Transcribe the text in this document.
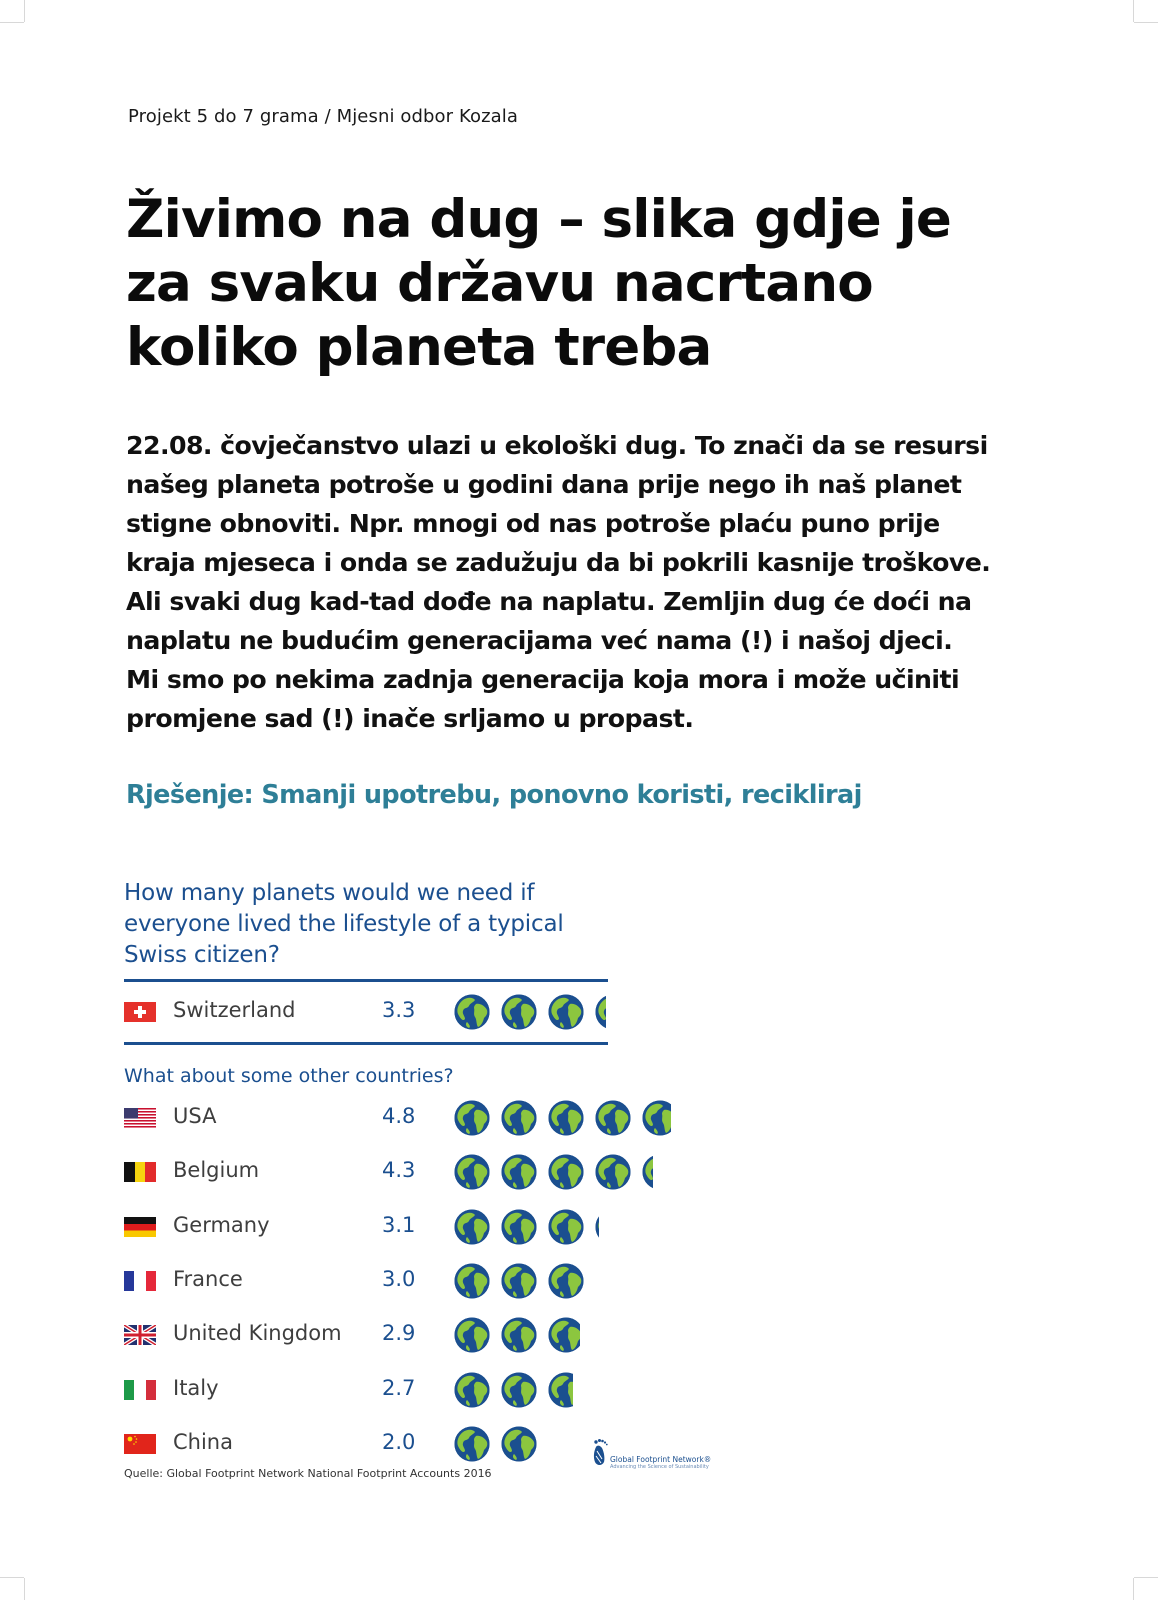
Projekt 5 do 7 grama / Mjesni odbor Kozala
Živimo na dug – slika gdje je
za svaku državu nacrtano
koliko planeta treba
22.08. čovječanstvo ulazi u ekološki dug. To znači da se resursi
našeg planeta potroše u godini dana prije nego ih naš planet
stigne obnoviti. Npr. mnogi od nas potroše plaću puno prije
kraja mjeseca i onda se zadužuju da bi pokrili kasnije troškove.
Ali svaki dug kad-tad dođe na naplatu. Zemljin dug će doći na
naplatu ne budućim generacijama već nama (!) i našoj djeci.
Mi smo po nekima zadnja generacija koja mora i može učiniti
promjene sad (!) inače srljamo u propast.
Rješenje: Smanji upotrebu, ponovno koristi, recikliraj
How many planets would we need if
everyone lived the lifestyle of a typical
Swiss citizen?
Switzerland	3.3
What about some other countries?
USA	4.8
Belgium	4.3
Germany	3.1
France	3.0
United Kingdom 2.9
Italy	2.7
China	2.0
Quelle: Global Footprint Network National Footprint Accounts 2016
Global Footprint Network®
Advancing the Science of Sustainability
